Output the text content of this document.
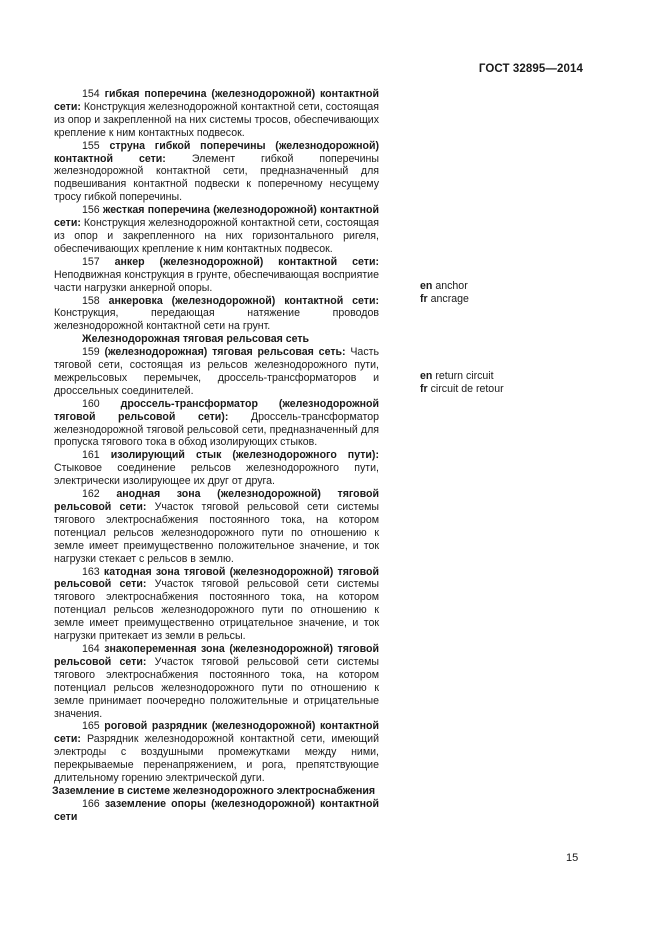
ГОСТ 32895—2014

154 гибкая поперечина (железнодорожной) контактной сети: Конструкция железнодорожной контактной сети, состоящая из опор и закрепленной на них системы тросов, обеспечивающих крепление к ним контактных подвесок.

155 струна гибкой поперечины (железнодорожной) контактной сети: Элемент гибкой поперечины железнодорожной контактной сети, предназначенный для подвешивания контактной подвески к поперечному несущему тросу гибкой поперечины.

156 жесткая поперечина (железнодорожной) контактной сети: Конструкция железнодорожной контактной сети, состоящая из опор и закрепленного на них горизонтального ригеля, обеспечивающих крепление к ним контактных подвесок.

157 анкер (железнодорожной) контактной сети: Неподвижная конструкция в грунте, обеспечивающая восприятие части нагрузки анкерной опоры.

158 анкеровка (железнодорожной) контактной сети: Конструкция, передающая натяжение проводов железнодорожной контактной сети на грунт.

Железнодорожная тяговая рельсовая сеть

159 (железнодорожная) тяговая рельсовая сеть: Часть тяговой сети, состоящая из рельсов железнодорожного пути, межрельсовых перемычек, дроссель-трансформаторов и дроссельных соединителей.

160 дроссель-трансформатор (железнодорожной тяговой рельсовой сети): Дроссель-трансформатор железнодорожной тяговой рельсовой сети, предназначенный для пропуска тягового тока в обход изолирующих стыков.

161 изолирующий стык (железнодорожного пути): Стыковое соединение рельсов железнодорожного пути, электрически изолирующее их друг от друга.

162 анодная зона (железнодорожной) тяговой рельсовой сети: Участок тяговой рельсовой сети системы тягового электроснабжения постоянного тока, на котором потенциал рельсов железнодорожного пути по отношению к земле имеет преимущественно положительное значение, и ток нагрузки стекает с рельсов в землю.

163 катодная зона тяговой (железнодорожной) тяговой рельсовой сети: Участок тяговой рельсовой сети системы тягового электроснабжения постоянного тока, на котором потенциал рельсов железнодорожного пути по отношению к земле имеет преимущественно отрицательное значение, и ток нагрузки притекает из земли в рельсы.

164 знакопеременная зона (железнодорожной) тяговой рельсовой сети: Участок тяговой рельсовой сети системы тягового электроснабжения постоянного тока, на котором потенциал рельсов железнодорожного пути по отношению к земле принимает поочередно положительные и отрицательные значения.

165 роговой разрядник (железнодорожной) контактной сети: Разрядник железнодорожной контактной сети, имеющий электроды с воздушными промежутками между ними, перекрываемые перенапряжением, и рога, препятствующие длительному горению электрической дуги.

Заземление в системе железнодорожного электроснабжения

166 заземление опоры (железнодорожной) контактной сети

en anchor
fr ancrage
en return circuit
fr circuit de retour
15
